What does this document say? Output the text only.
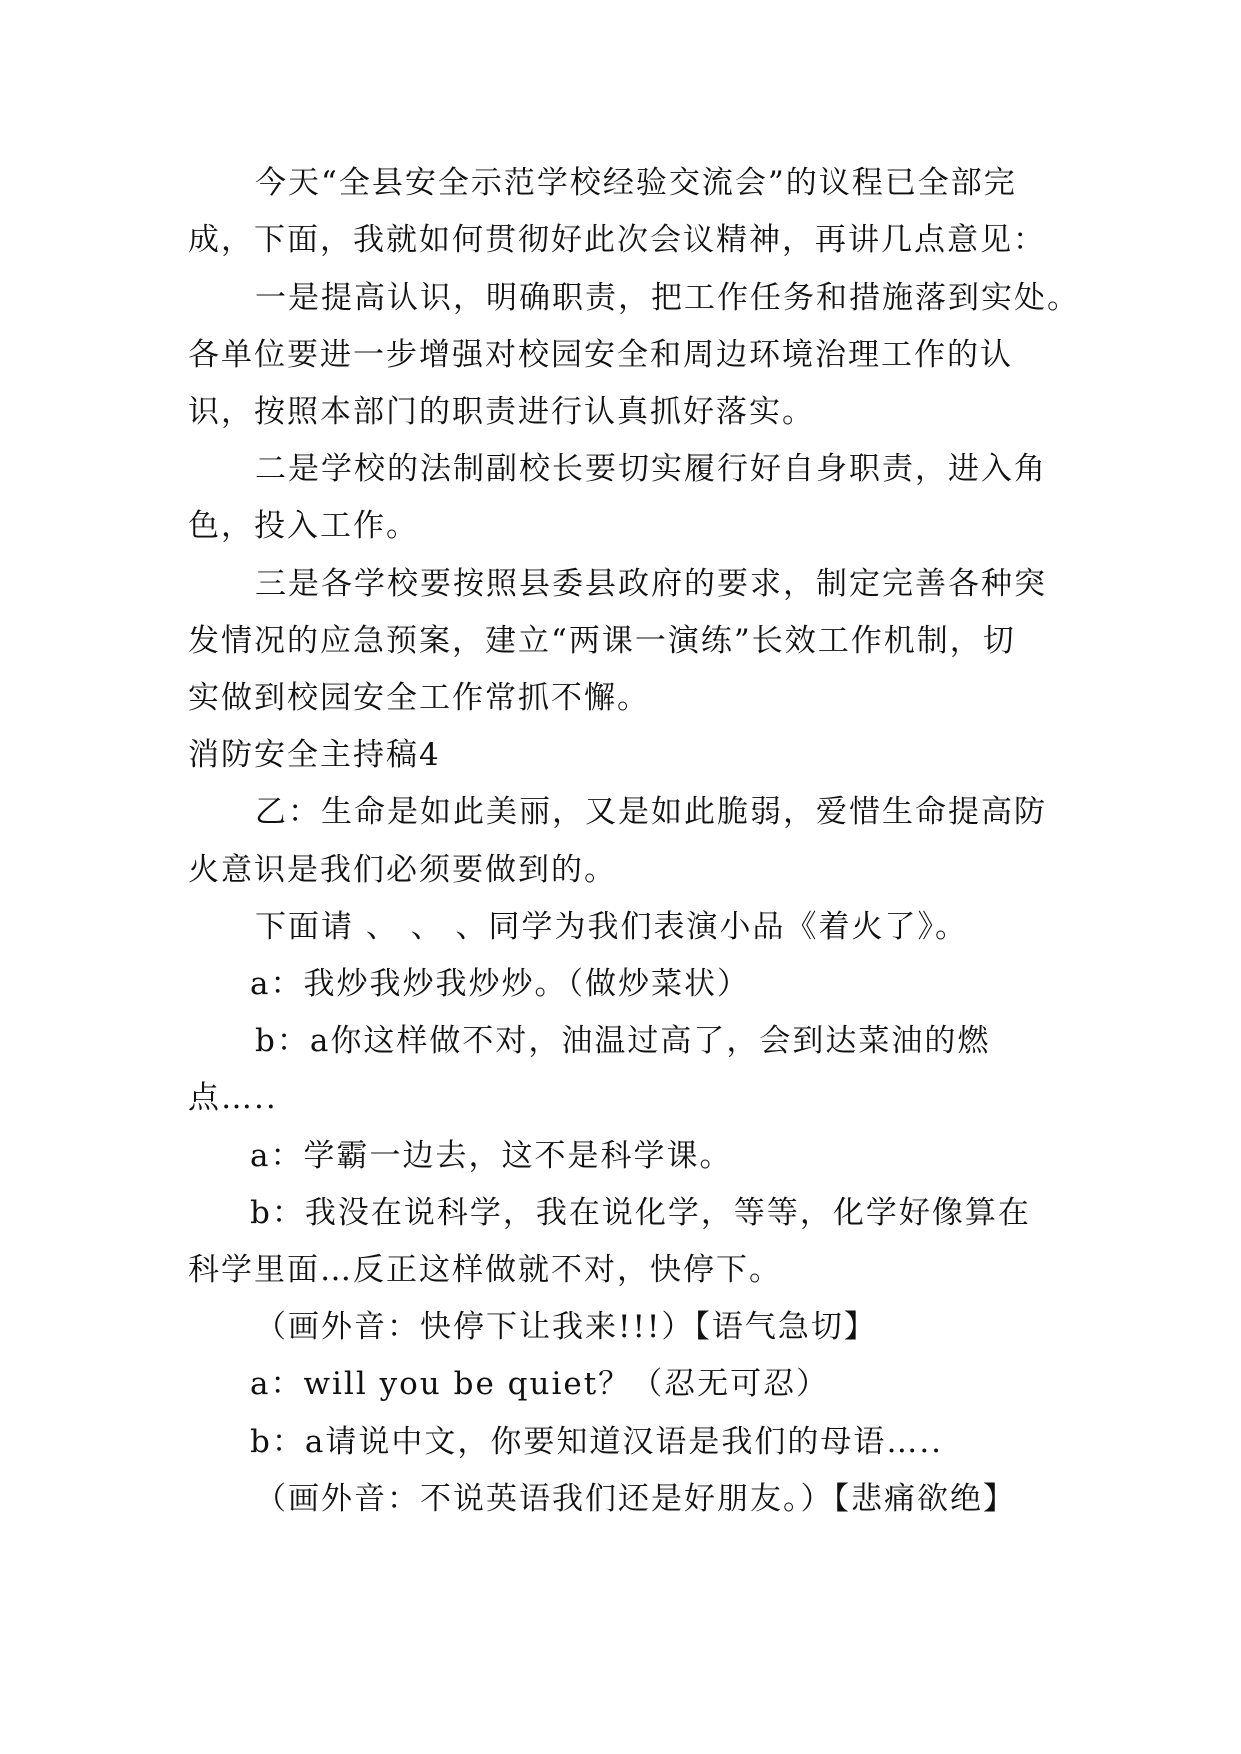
今天“全县安全示范学校经验交流会”的议程已全部完
成，下面，我就如何贯彻好此次会议精神，再讲几点意见：
一是提高认识，明确职责，把工作任务和措施落到实处。
各单位要进一步增强对校园安全和周边环境治理工作的认
识，按照本部门的职责进行认真抓好落实。
二是学校的法制副校长要切实履行好自身职责，进入角
色，投入工作。
三是各学校要按照县委县政府的要求，制定完善各种突
发情况的应急预案，建立“两课一演练”长效工作机制，切
实做到校园安全工作常抓不懈。
消防安全主持稿4
乙：生命是如此美丽，又是如此脆弱，爱惜生命提高防
火意识是我们必须要做到的。
下面请 、 、 、同学为我们表演小品《着火了》。
a：我炒我炒我炒炒。（做炒菜状）
b：a你这样做不对，油温过高了，会到达菜油的燃
点…..
a：学霸一边去，这不是科学课。
b：我没在说科学，我在说化学，等等，化学好像算在
科学里面…反正这样做就不对，快停下。
（画外音：快停下让我来!!!）【语气急切】
a：will you be quiet？（忍无可忍）
b：a请说中文，你要知道汉语是我们的母语…..
（画外音：不说英语我们还是好朋友。）【悲痛欲绝】
